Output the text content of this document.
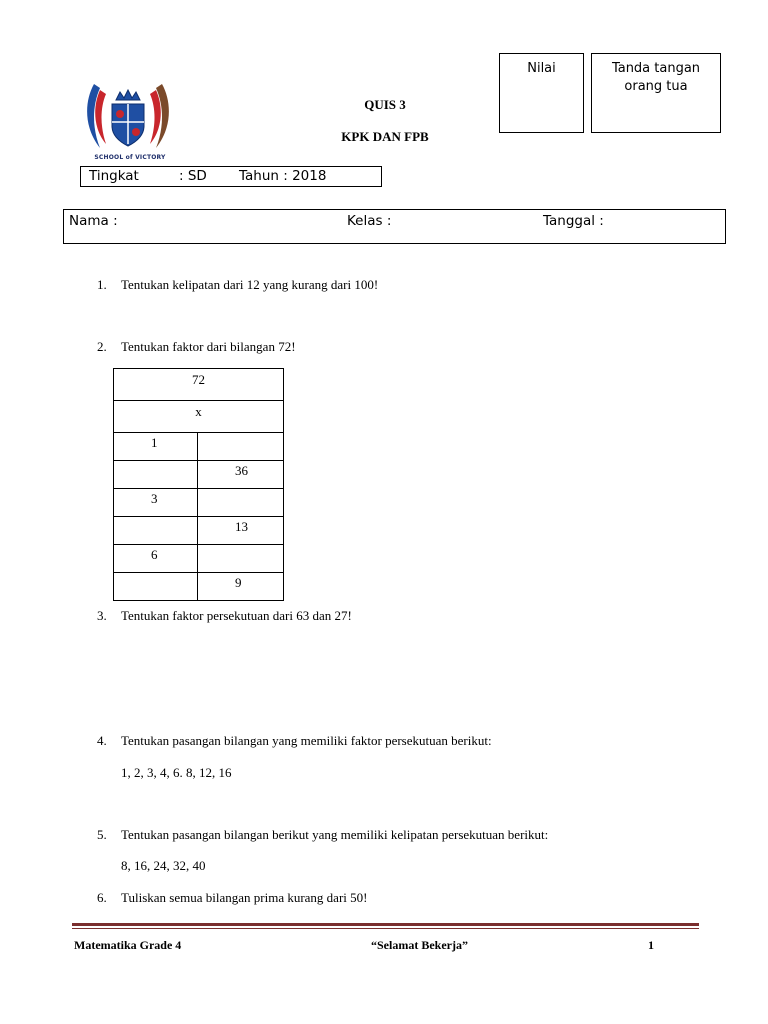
SCHOOL of VICTORY
QUIS 3
KPK DAN FPB
Nilai	Tanda tangan orang tua
Tingkat	: SD Tahun : 2018
Nama :	Kelas :	Tanggal :
1. Tentukan kelipatan dari 12 yang kurang dari 100!
2. Tentukan faktor dari bilangan 72!
72	
x	
1	
	36
3	
	13
6	
	9
3. Tentukan faktor persekutuan dari 63 dan 27!
4. Tentukan pasangan bilangan yang memiliki faktor persekutuan berikut:
1, 2, 3, 4, 6. 8, 12, 16
5. Tentukan pasangan bilangan berikut yang memiliki kelipatan persekutuan berikut:
8, 16, 24, 32, 40
6. Tuliskan semua bilangan prima kurang dari 50!
Matematika Grade 4	“Selamat Bekerja”	1
